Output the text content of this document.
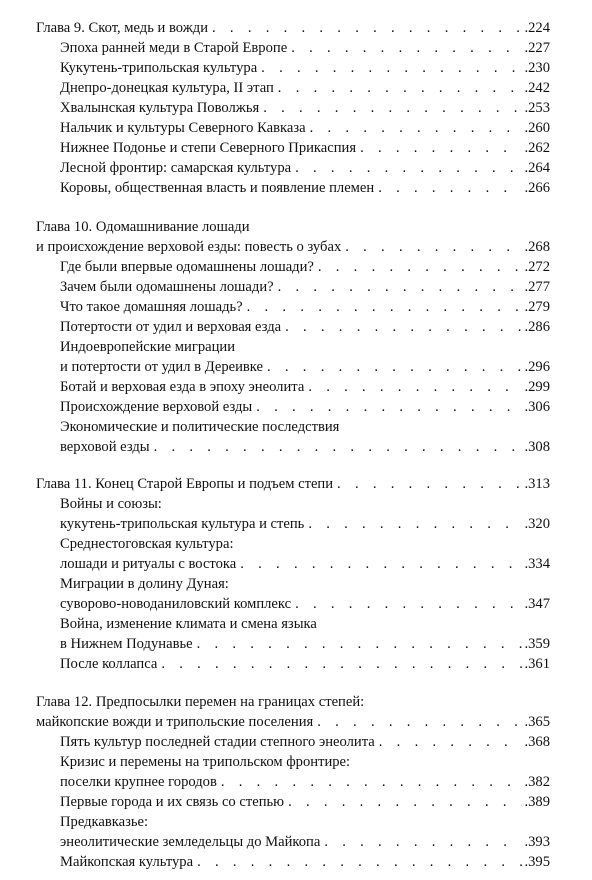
Глава 9. Скот, медь и вожди . . .	.224
Эпоха ранней меди в Старой Европе . . .	.227
Кукутень-трипольская культура . . .	.230
Днепро-донецкая культура, II этап . . .	.242
Хвалынская культура Поволжья . . .	.253
Нальчик и культуры Северного Кавказа . . .	.260
Нижнее Подонье и степи Северного Прикаспия . . .	.262
Лесной фронтир: самарская культура . . .	.264
Коровы, общественная власть и появление племен . . .	.266
Глава 10. Одомашнивание лошади
и происхождение верховой езды: повесть о зубах . . .	.268
Где были впервые одомашнены лошади? . . .	.272
Зачем были одомашнены лошади? . . .	.277
Что такое домашняя лошадь? . . .	.279
Потертости от удил и верховая езда . . .	.286
Индоевропейские миграции
и потертости от удил в Дереивке . . .	.296
Ботай и верховая езда в эпоху энеолита . . .	.299
Происхождение верховой езды . . .	.306
Экономические и политические последствия
верховой езды . . .	.308
Глава 11. Конец Старой Европы и подъем степи . . .	.313
Войны и союзы:
кукутень-трипольская культура и степь . . .	.320
Среднестоговская культура:
лошади и ритуалы с востока . . .	.334
Миграции в долину Дуная:
суворово-новоданиловский комплекс . . .	.347
Война, изменение климата и смена языка
в Нижнем Подунавье . . .	.359
После коллапса . . .	.361
Глава 12. Предпосылки перемен на границах степей:
майкопские вожди и трипольские поселения . . .	.365
Пять культур последней стадии степного энеолита . . .	.368
Кризис и перемены на трипольском фронтире:
поселки крупнее городов . . .	.382
Первые города и их связь со степью . . .	.389
Предкавказье:
энеолитические земледельцы до Майкопа . . .	.393
Майкопская культура . . .	.395
